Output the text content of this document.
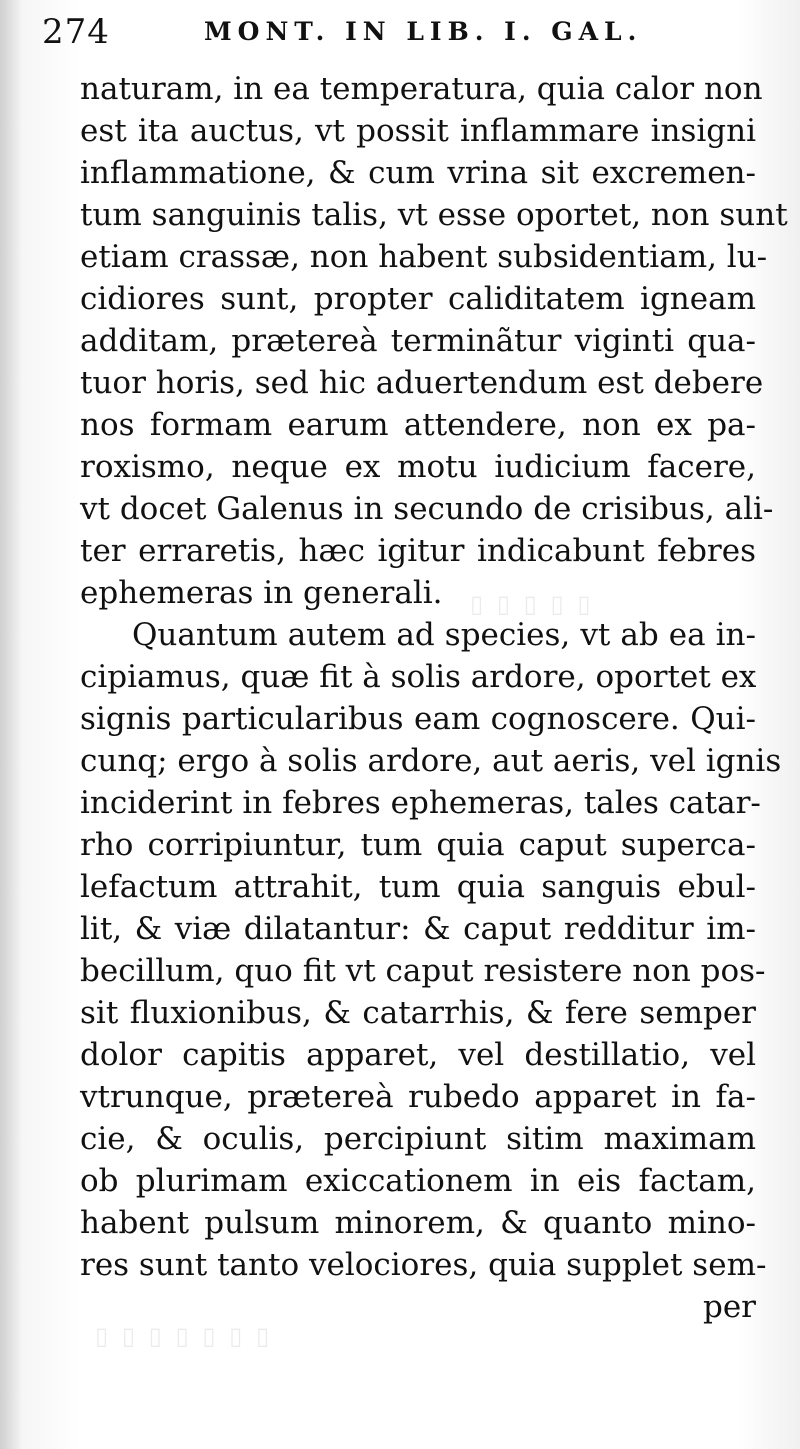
274	MONT. IN LIB. I. GAL.
naturam, in ea temperatura, quia calor non
est ita auctus, vt possit inflammare insigni
inflammatione, & cum vrina sit excremen-
tum sanguinis talis, vt esse oportet, non sunt
etiam crassæ, non habent subsidentiam, lu-
cidiores sunt, propter caliditatem igneam
additam, prætereà terminãtur viginti qua-
tuor horis, sed hic aduertendum est debere
nos formam earum attendere, non ex pa-
roxismo, neque ex motu iudicium facere,
vt docet Galenus in secundo de crisibus, ali-
ter erraretis, hæc igitur indicabunt febres
ephemeras in generali.
Quantum autem ad species, vt ab ea in-
cipiamus, quæ fit à solis ardore, oportet ex
signis particularibus eam cognoscere. Qui-
cunq; ergo à solis ardore, aut aeris, vel ignis
inciderint in febres ephemeras, tales catar-
rho corripiuntur, tum quia caput superca-
lefactum attrahit, tum quia sanguis ebul-
lit, & viæ dilatantur: & caput redditur im-
becillum, quo fit vt caput resistere non pos-
sit fluxionibus, & catarrhis, & fere semper
dolor capitis apparet, vel destillatio, vel
vtrunque, prætereà rubedo apparet in fa-
cie, & oculis, percipiunt sitim maximam
ob plurimam exiccationem in eis factam,
habent pulsum minorem, & quanto mino-
res sunt tanto velociores, quia supplet sem-
per
▯ ▯ ▯ ▯ ▯
▯ ▯ ▯ ▯ ▯ ▯ ▯
